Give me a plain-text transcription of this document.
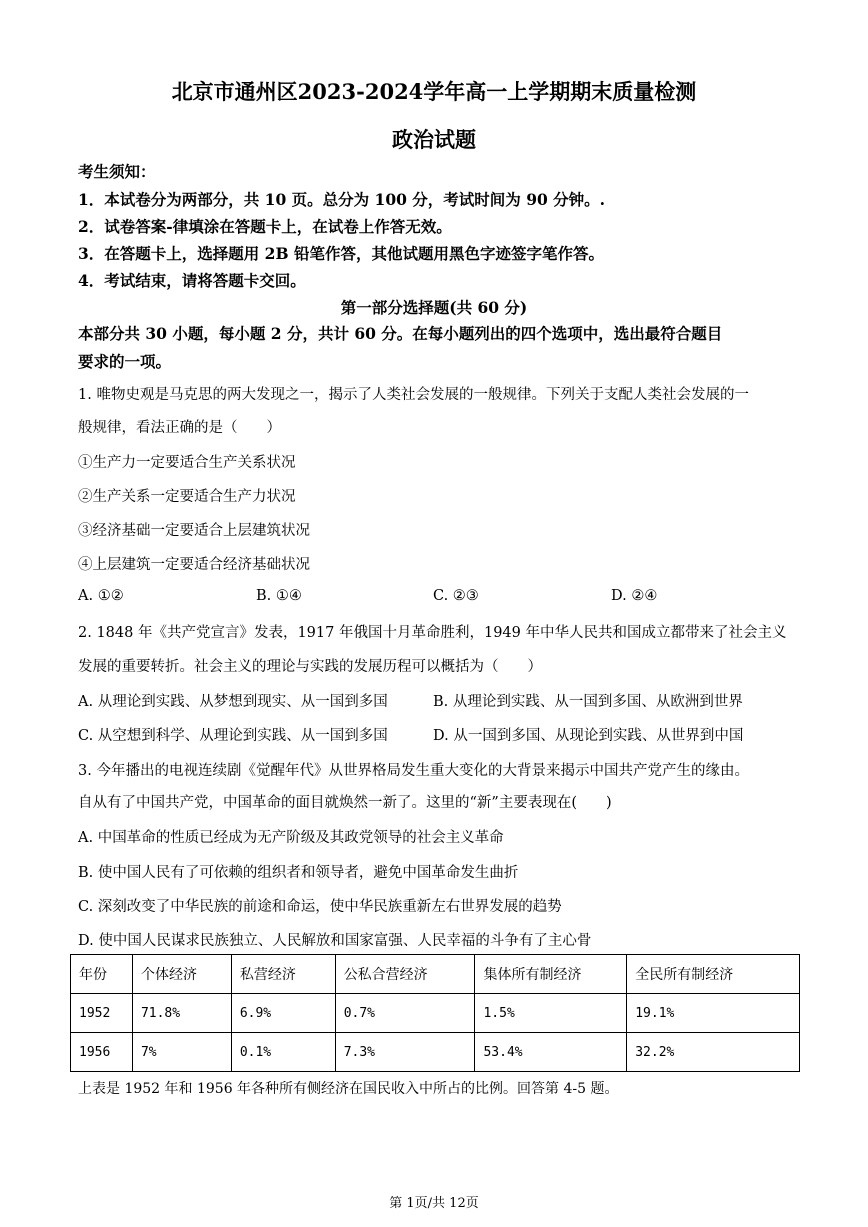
北京市通州区2023-2024学年高一上学期期末质量检测
政治试题
考生须知：
1．本试卷分为两部分，共 10 页。总分为 100 分，考试时间为 90 分钟。.
2．试卷答案-律填涂在答题卡上，在试卷上作答无效。
3．在答题卡上，选择题用 2B 铅笔作答，其他试题用黑色字迹签字笔作答。
4．考试结束，请将答题卡交回。
第一部分选择题(共 60 分)
本部分共 30 小题，每小题 2 分，共计 60 分。在每小题列出的四个选项中，选出最符合题目
要求的一项。
1. 唯物史观是马克思的两大发现之一，揭示了人类社会发展的一般规律。下列关于支配人类社会发展的一
般规律，看法正确的是（　　）
①生产力一定要适合生产关系状况
②生产关系一定要适合生产力状况
③经济基础一定要适合上层建筑状况
④上层建筑一定要适合经济基础状况
A. ①②	B. ①④	C. ②③	D. ②④
2. 1848 年《共产党宣言》发表，1917 年俄国十月革命胜利，1949 年中华人民共和国成立都带来了社会主义
发展的重要转折。社会主义的理论与实践的发展历程可以概括为（　　）
A. 从理论到实践、从梦想到现实、从一国到多国	B. 从理论到实践、从一国到多国、从欧洲到世界
C. 从空想到科学、从理论到实践、从一国到多国	D. 从一国到多国、从现论到实践、从世界到中国
3. 今年播出的电视连续剧《觉醒年代》从世界格局发生重大变化的大背景来揭示中国共产党产生的缘由。
自从有了中国共产党，中国革命的面目就焕然一新了。这里的“新”主要表现在(　　)
A. 中国革命的性质已经成为无产阶级及其政党领导的社会主义革命
B. 使中国人民有了可依赖的组织者和领导者，避免中国革命发生曲折
C. 深刻改变了中华民族的前途和命运，使中华民族重新左右世界发展的趋势
D. 使中国人民谋求民族独立、人民解放和国家富强、人民幸福的斗争有了主心骨
年份	个体经济	私营经济	公私合营经济	集体所有制经济	全民所有制经济
1952	71.8%	6.9%	0.7%	1.5%	19.1%
1956	7%	0.1%	7.3%	53.4%	32.2%
上表是 1952 年和 1956 年各种所有侧经济在国民收入中所占的比例。回答第 4-5 题。
第 1页/共 12页
